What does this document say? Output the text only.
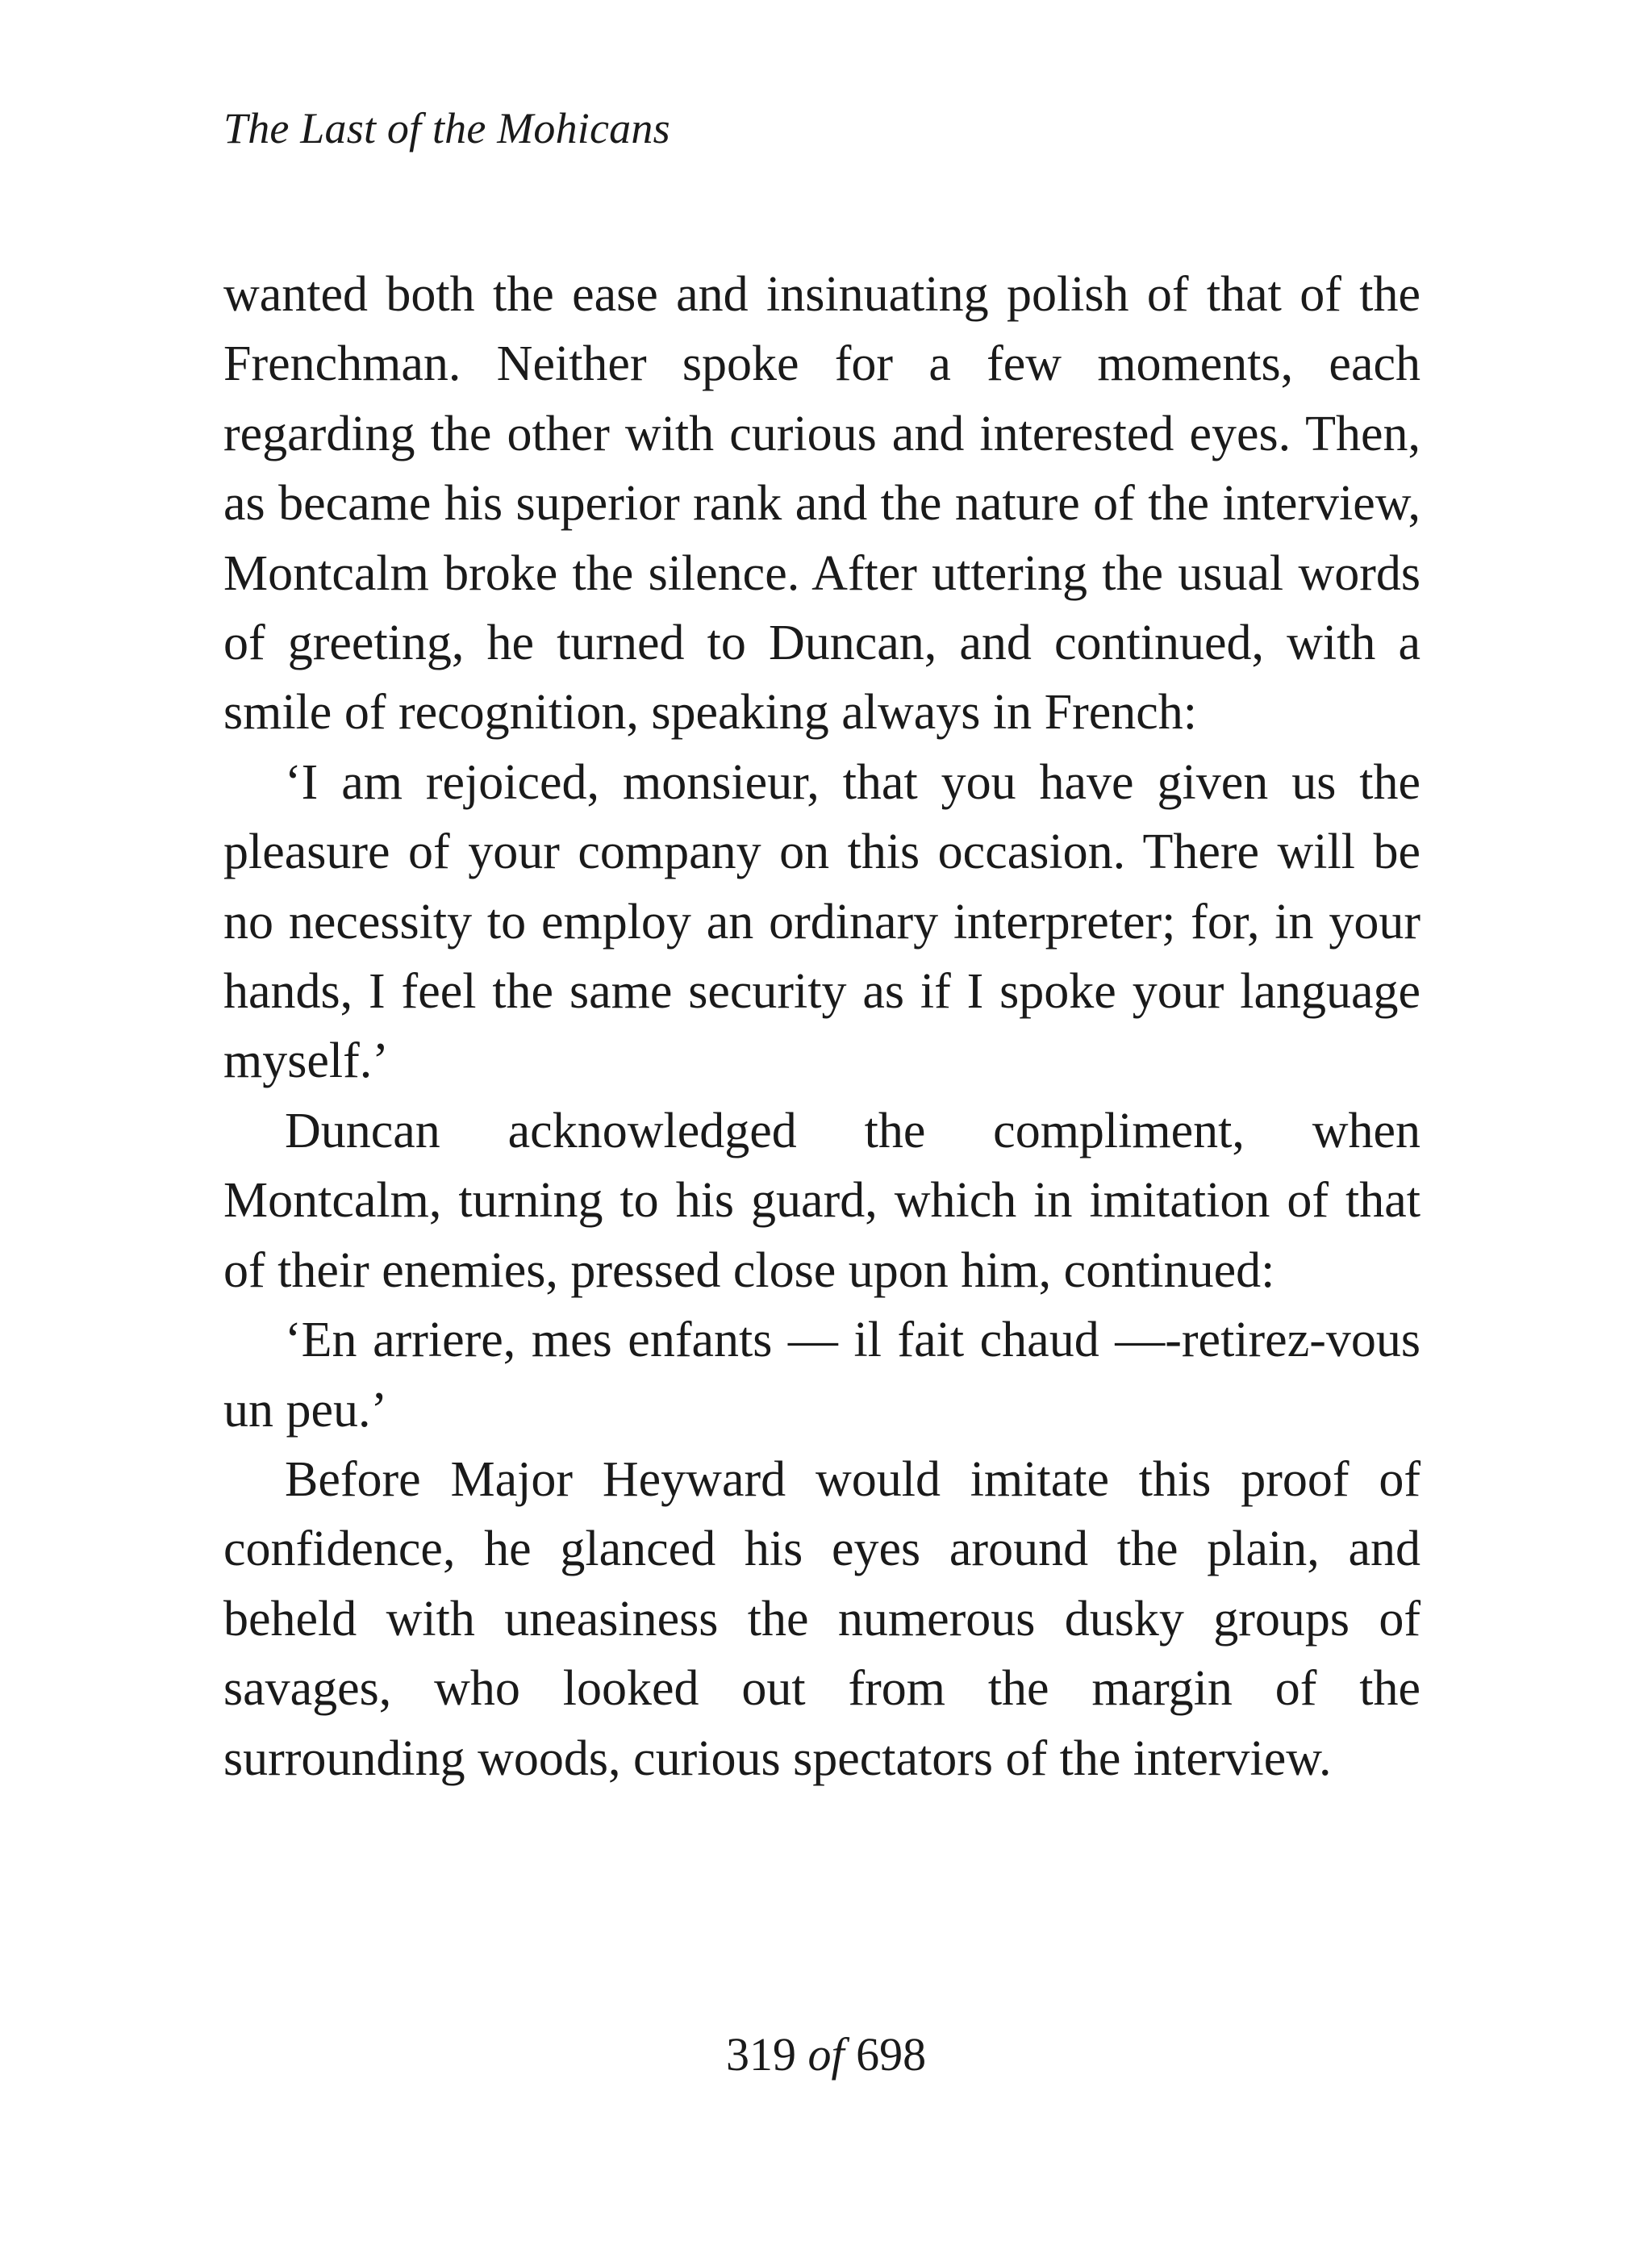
The Last of the Mohicans

wanted both the ease and insinuating polish of that of the Frenchman. Neither spoke for a few moments, each regarding the other with curious and interested eyes. Then, as became his superior rank and the nature of the interview, Montcalm broke the silence. After uttering the usual words of greeting, he turned to Duncan, and continued, with a smile of recognition, speaking always in French:

‘I am rejoiced, monsieur, that you have given us the pleasure of your company on this occasion. There will be no necessity to employ an ordinary interpreter; for, in your hands, I feel the same security as if I spoke your language myself.’

Duncan acknowledged the compliment, when Montcalm, turning to his guard, which in imitation of that of their enemies, pressed close upon him, continued:

‘En arriere, mes enfants — il fait chaud —-retirez-vous un peu.’

Before Major Heyward would imitate this proof of confidence, he glanced his eyes around the plain, and beheld with uneasiness the numerous dusky groups of savages, who looked out from the margin of the surrounding woods, curious spectators of the interview.

319 of 698
